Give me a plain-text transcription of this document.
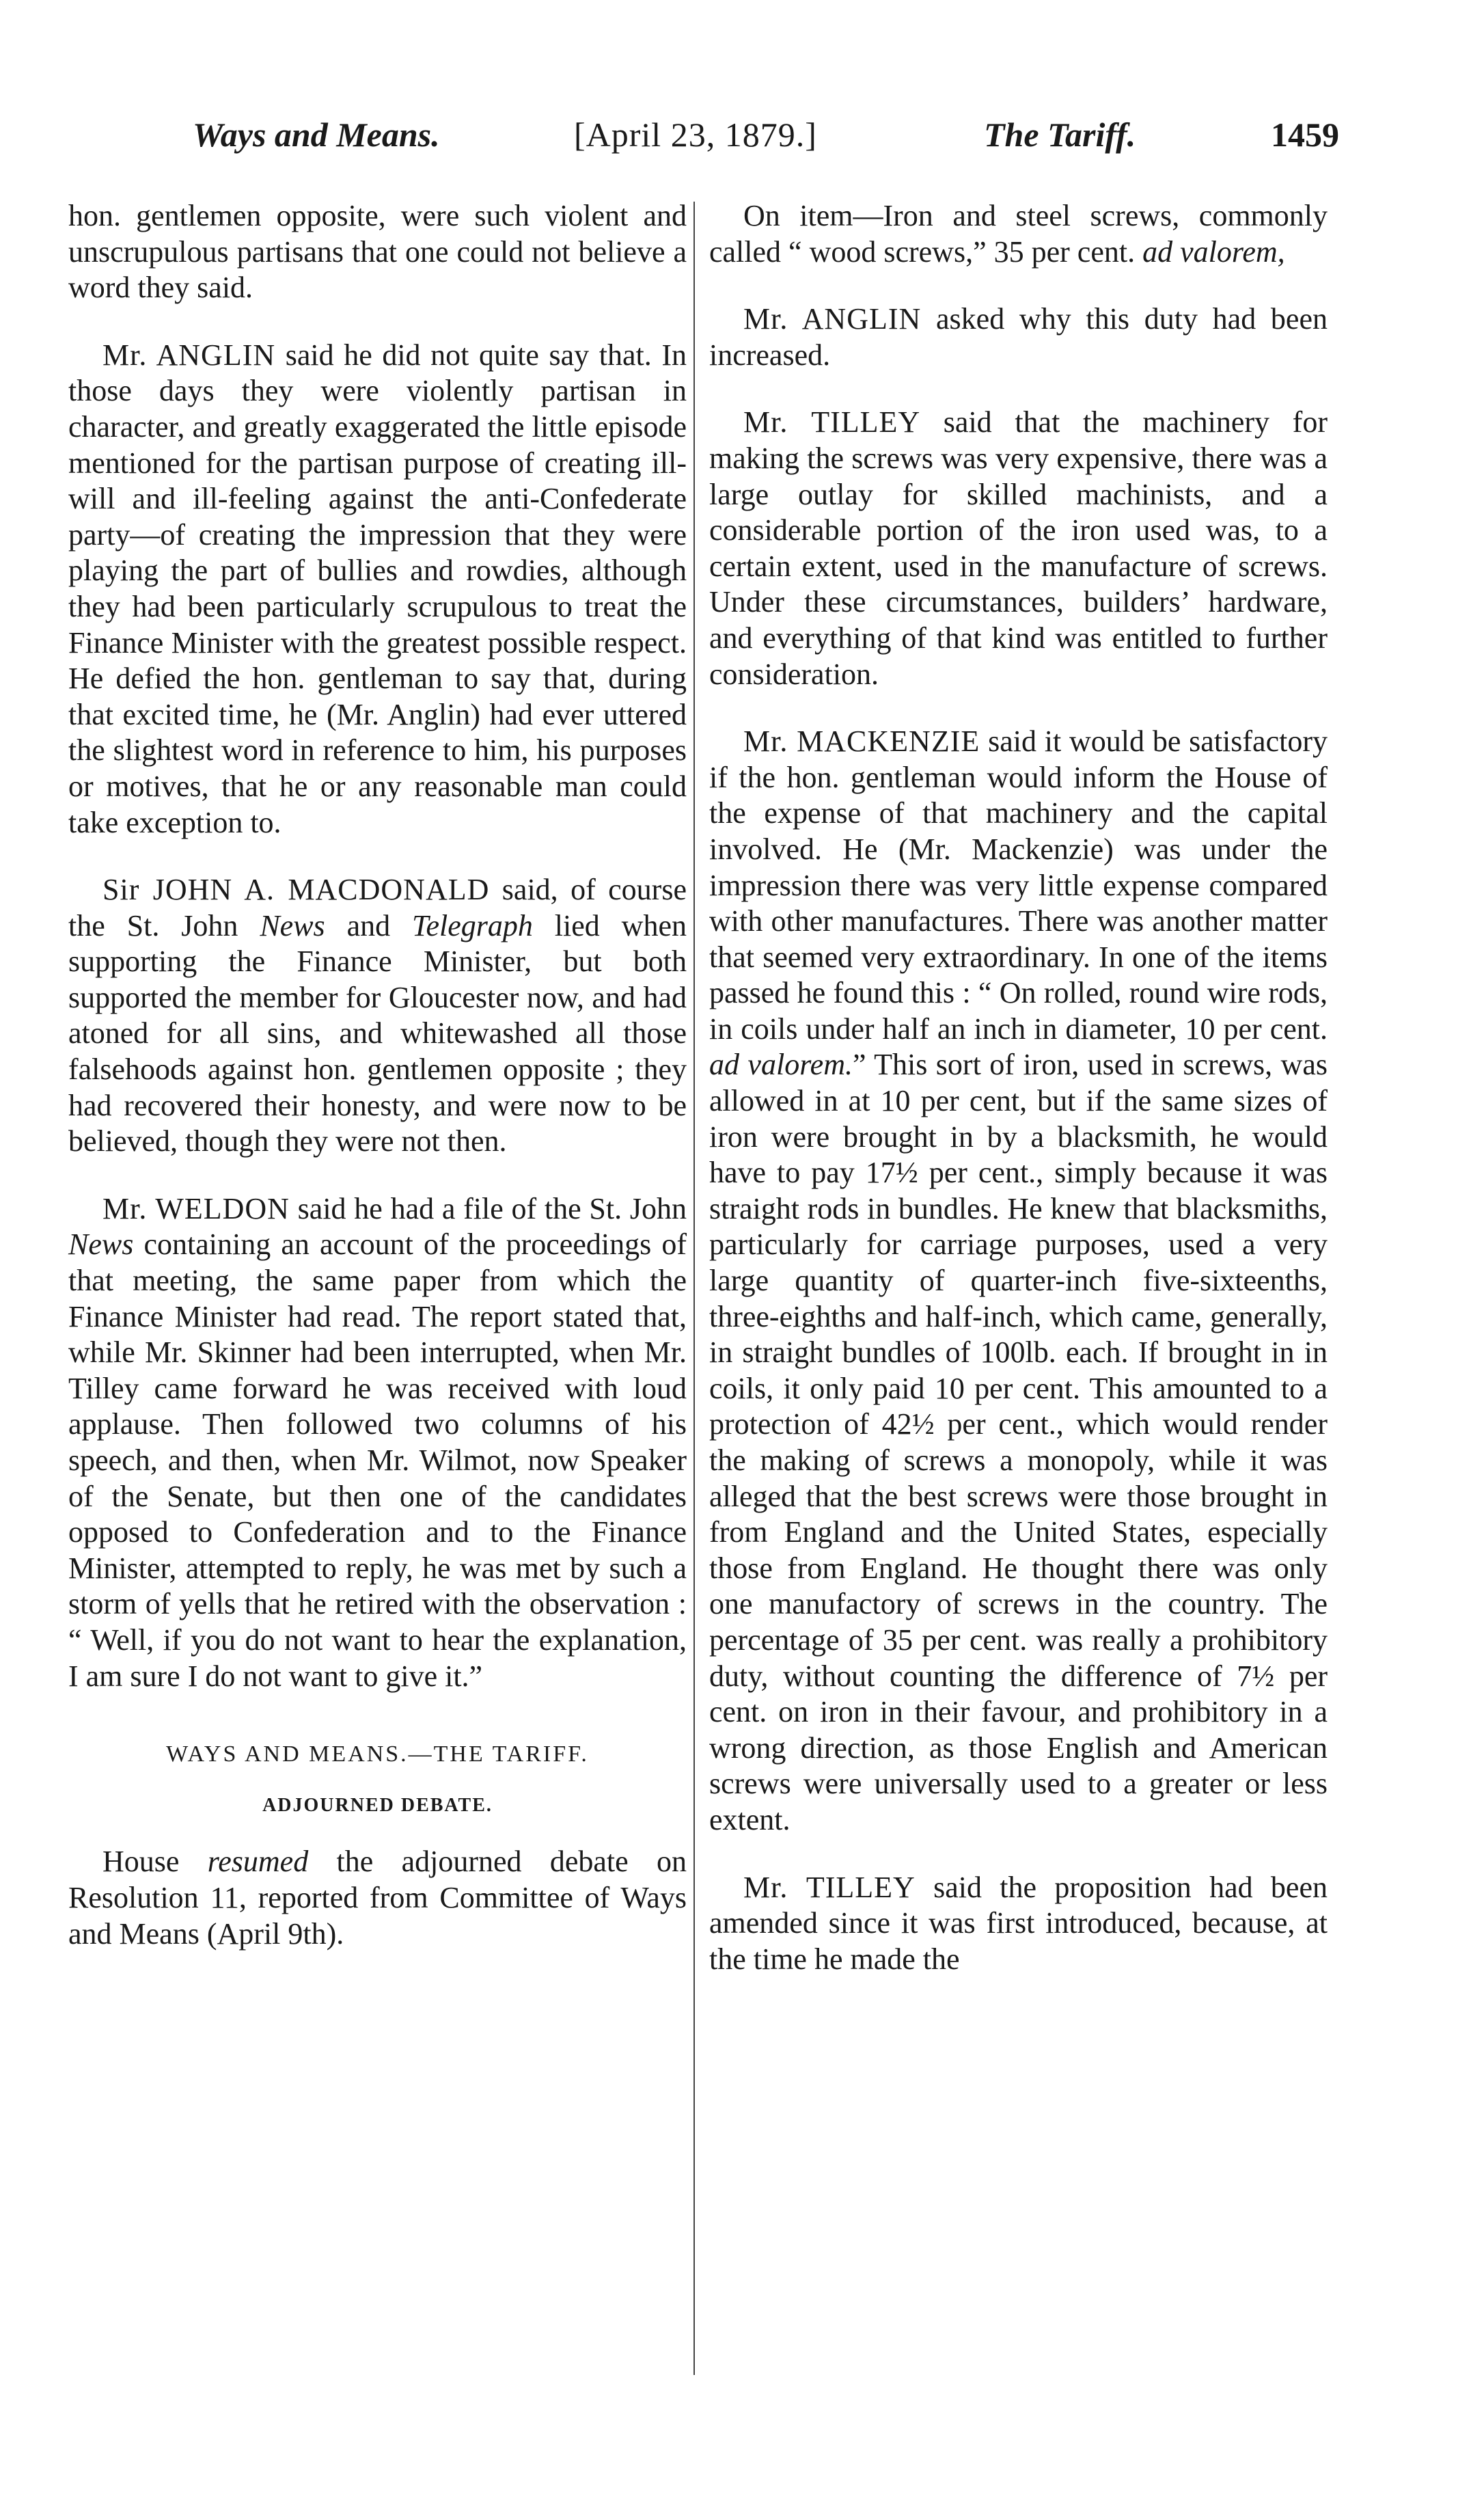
Ways and Means.	[April 23, 1879.]	The Tariff.	1459

hon. gentlemen opposite, were such violent and unscrupulous partisans that one could not believe a word they said.

Mr. ANGLIN said he did not quite say that. In those days they were violently partisan in character, and greatly exaggerated the little episode mentioned for the partisan purpose of creating ill-will and ill-feeling against the anti-Confederate party—of creating the impression that they were playing the part of bullies and rowdies, although they had been particularly scrupulous to treat the Finance Minister with the greatest possible respect. He defied the hon. gentleman to say that, during that excited time, he (Mr. Anglin) had ever uttered the slightest word in reference to him, his purposes or motives, that he or any reasonable man could take exception to.

Sir JOHN A. MACDONALD said, of course the St. John News and Telegraph lied when supporting the Finance Minister, but both supported the member for Gloucester now, and had atoned for all sins, and whitewashed all those falsehoods against hon. gentlemen opposite ; they had recovered their honesty, and were now to be believed, though they were not then.

Mr. WELDON said he had a file of the St. John News containing an account of the proceedings of that meeting, the same paper from which the Finance Minister had read. The report stated that, while Mr. Skinner had been interrupted, when Mr. Tilley came forward he was received with loud applause. Then followed two columns of his speech, and then, when Mr. Wilmot, now Speaker of the Senate, but then one of the candidates opposed to Confederation and to the Finance Minister, attempted to reply, he was met by such a storm of yells that he retired with the observation : “ Well, if you do not want to hear the explanation, I am sure I do not want to give it.”

WAYS AND MEANS.—THE TARIFF.
ADJOURNED DEBATE.

House resumed the adjourned debate on Resolution 11, reported from Committee of Ways and Means (April 9th).

On item—Iron and steel screws, commonly called “ wood screws,” 35 per cent. ad valorem,

Mr. ANGLIN asked why this duty had been increased.

Mr. TILLEY said that the machinery for making the screws was very expensive, there was a large outlay for skilled machinists, and a considerable portion of the iron used was, to a certain extent, used in the manufacture of screws. Under these circumstances, builders’ hardware, and everything of that kind was entitled to further consideration.

Mr. MACKENZIE said it would be satisfactory if the hon. gentleman would inform the House of the expense of that machinery and the capital involved. He (Mr. Mackenzie) was under the impression there was very little expense compared with other manufactures. There was another matter that seemed very extraordinary. In one of the items passed he found this : “ On rolled, round wire rods, in coils under half an inch in diameter, 10 per cent. ad valorem.” This sort of iron, used in screws, was allowed in at 10 per cent, but if the same sizes of iron were brought in by a blacksmith, he would have to pay 17½ per cent., simply because it was straight rods in bundles. He knew that blacksmiths, particularly for carriage purposes, used a very large quantity of quarter-inch five-sixteenths, three-eighths and half-inch, which came, generally, in straight bundles of 100lb. each. If brought in in coils, it only paid 10 per cent. This amounted to a protection of 42½ per cent., which would render the making of screws a monopoly, while it was alleged that the best screws were those brought in from England and the United States, especially those from England. He thought there was only one manufactory of screws in the country. The percentage of 35 per cent. was really a prohibitory duty, without counting the difference of 7½ per cent. on iron in their favour, and prohibitory in a wrong direction, as those English and American screws were universally used to a greater or less extent.

Mr. TILLEY said the proposition had been amended since it was first introduced, because, at the time he made the
